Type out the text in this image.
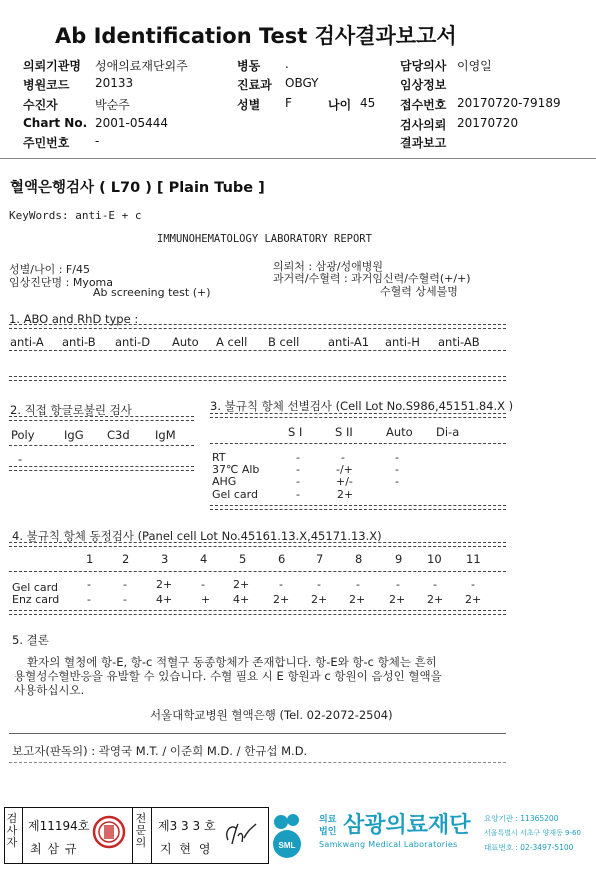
Ab Identification Test 검사결과보고서
의뢰기관명 성애의료재단외주
병원코드 20133
수진자	박순주
Chart No. 2001-05444
주민번호 -
병동 .
진료과 OBGY
성별 F	나이 45
담당의사 이영일
임상정보
접수번호 20170720-79189
검사의뢰 20170720
결과보고
혈액은행검사 ( L70 ) [ Plain Tube ]
KeyWords: anti-E + c
IMMUNOHEMATOLOGY LABORATORY REPORT
성별/나이 : F/45
임상진단명 : Myoma
Ab screening test (+)
의뢰처 : 삼광/성애병원
과거력/수혈력 : 과거임신력/수혈력(+/+)
수혈력 상세불명
1. ABO and RhD type :
anti-A anti-B anti-D Auto A cell B cell anti-A1 anti-H anti-AB
2. 직접 항글로불린 검사
Poly	IgG C3d IgM
-
3. 불규칙 항체 선별검사 (Cell Lot No.S986,45151.84.X )
S I	S II	Auto Di-a
RT	-	-	-
37℃ Alb	-	-/+	-
AHG	-	+/-	-
Gel card	-	2+
4. 불규칙 항체 동정검사 (Panel cell Lot No.45161.13.X,45171.13.X)
1 2	3	4	5	6	7	8	9 10 11
Gel card	-	-	2+	-	2+	-	-	-	-	-	-
Enz card	-	-	4+	+ 4+ 2+ 2+ 2+ 2+ 2+ 2+
5. 결론
환자의 혈청에 항-E, 항-c 적혈구 동종항체가 존재합니다. 항-E와 항-c 항체는 흔히
용혈성수혈반응을 유발할 수 있습니다. 수혈 필요 시 E 항원과 c 항원이 음성인 혈액을
사용하십시오.
서울대학교병원 혈액은행 (Tel. 02-2072-2504)
보고자(판독의) : 곽영국 M.T. / 이준희 M.D. / 한규섭 M.D.
검사자
제11194호
최 삼 규
전문의
제3 3 3 호
지 현 영	SML
의료
법인 삼광의료재단
Samkwang Medical Laboratories
요양기관 : 11365200
서울특별시 서초구 양재동 9-60
대표번호 : 02-3497-5100
